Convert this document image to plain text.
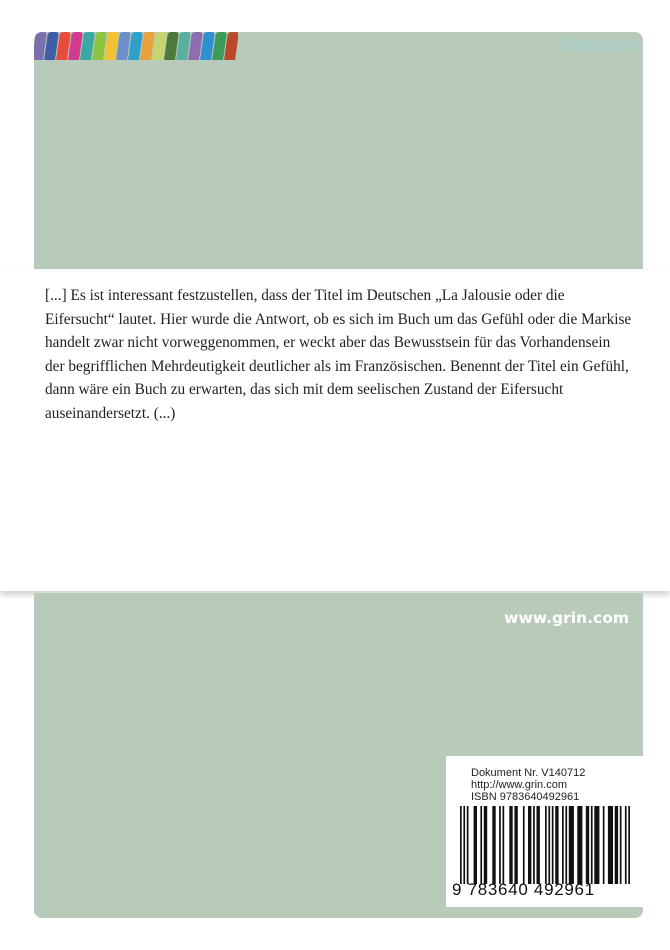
Pädagogik

[...] Es ist interessant festzustellen, dass der Titel im Deutschen „La Jalousie oder die Eifersucht“ lautet. Hier wurde die Antwort, ob es sich im Buch um das Gefühl oder die Markise handelt zwar nicht vorweggenommen, er weckt aber das Bewusstsein für das Vorhandensein der begrifflichen Mehrdeutigkeit deutlicher als im Französischen. Benennt der Titel ein Gefühl, dann wäre ein Buch zu erwarten, das sich mit dem seelischen Zustand der Eifersucht auseinandersetzt. (...)

www.grin.com
Dokument Nr. V140712
http://www.grin.com
ISBN 9783640492961
9 783640 492961
